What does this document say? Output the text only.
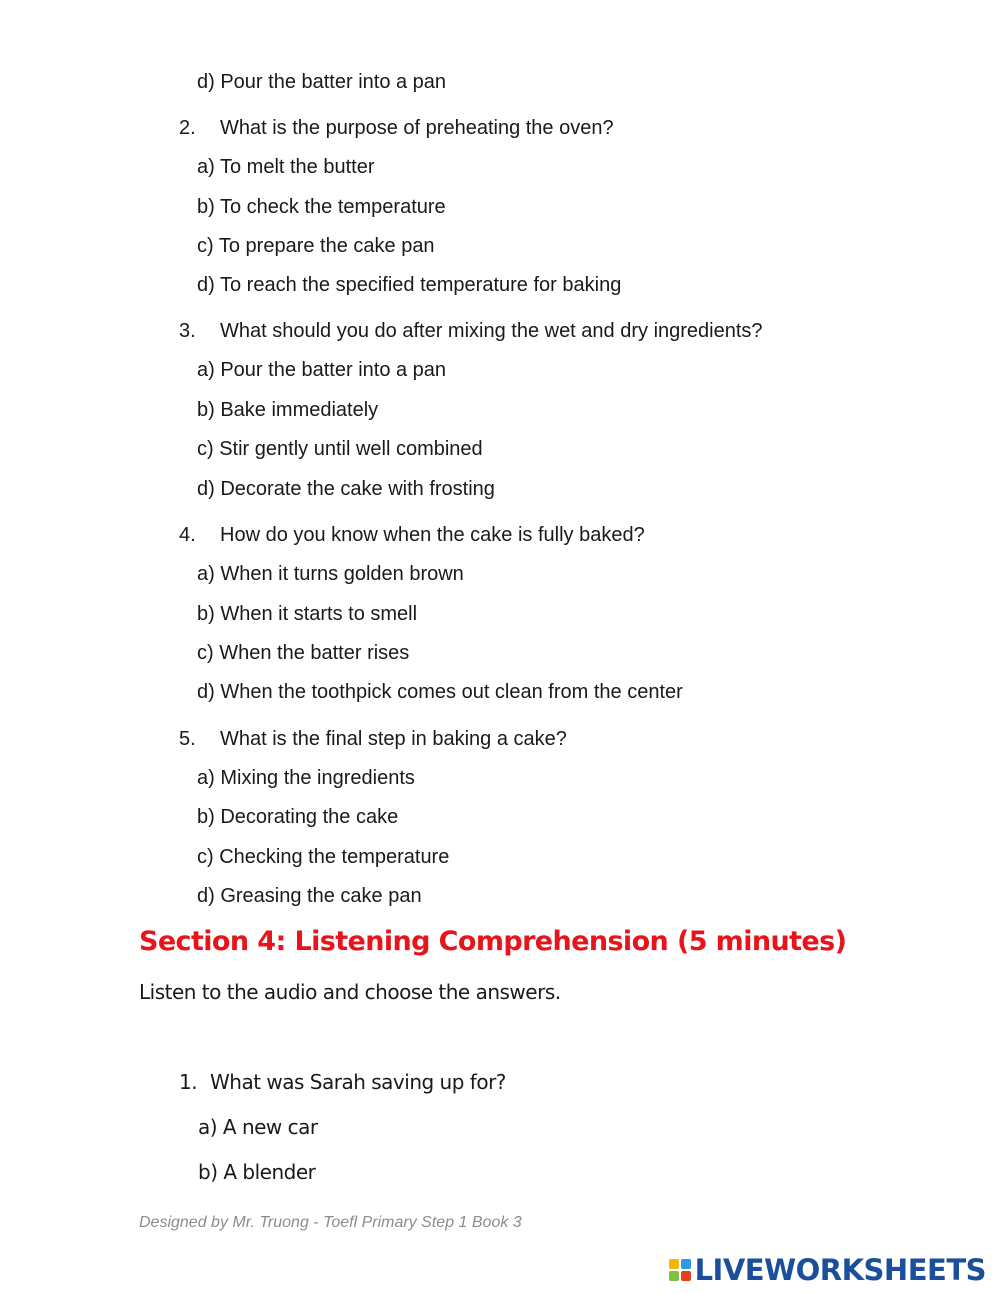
d) Pour the batter into a pan
2. What is the purpose of preheating the oven?
a) To melt the butter
b) To check the temperature
c) To prepare the cake pan
d) To reach the specified temperature for baking
3. What should you do after mixing the wet and dry ingredients?
a) Pour the batter into a pan
b) Bake immediately
c) Stir gently until well combined
d) Decorate the cake with frosting
4. How do you know when the cake is fully baked?
a) When it turns golden brown
b) When it starts to smell
c) When the batter rises
d) When the toothpick comes out clean from the center
5. What is the final step in baking a cake?
a) Mixing the ingredients
b) Decorating the cake
c) Checking the temperature
d) Greasing the cake pan
Section 4: Listening Comprehension (5 minutes)
Listen to the audio and choose the answers.
1. What was Sarah saving up for?
a) A new car
b) A blender
Designed by Mr. Truong - Toefl Primary Step 1 Book 3
LIVEWORKSHEETS
